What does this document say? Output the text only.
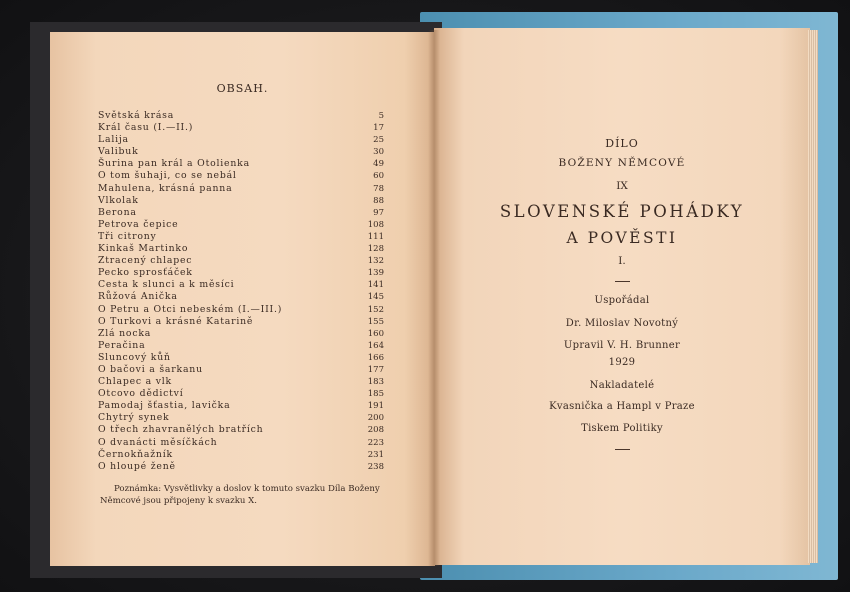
OBSAH.
Světská krása	5
Král času (I.—II.)	17
Lalija	25
Valibuk	30
Šurina pan král a Otolienka	49
O tom šuhaji, co se nebál	60
Mahulena, krásná panna	78
Vlkolak	88
Berona	97
Petrova čepice	108
Tři citrony	111
Kinkaš Martinko	128
Ztracený chlapec	132
Pecko sprosťáček	139
Cesta k slunci a k měsíci	141
Růžová Anička	145
O Petru a Otci nebeském (I.—III.)	152
O Turkovi a krásné Katarině	155
Zlá nocka	160
Peračina	164
Sluncový kůň	166
O bačovi a šarkanu	177
Chlapec a vlk	183
Otcovo dědictví	185
Pamodaj šťastia, lavička	191
Chytrý synek	200
O třech zhavranělých bratřích	208
O dvanácti měsíčkách	223
Černokňažník	231
O hloupé ženě	238
Poznámka: Vysvětlivky a doslov k tomuto svazku Díla Boženy Němcové jsou připojeny k svazku X.
DÍLO
BOŽENY NĚMCOVÉ
IX
SLOVENSKÉ POHÁDKY
A POVĚSTI
I.
Uspořádal
Dr. Miloslav Novotný
Upravil V. H. Brunner
1929
Nakladatelé
Kvasnička a Hampl v Praze
Tiskem Politiky
